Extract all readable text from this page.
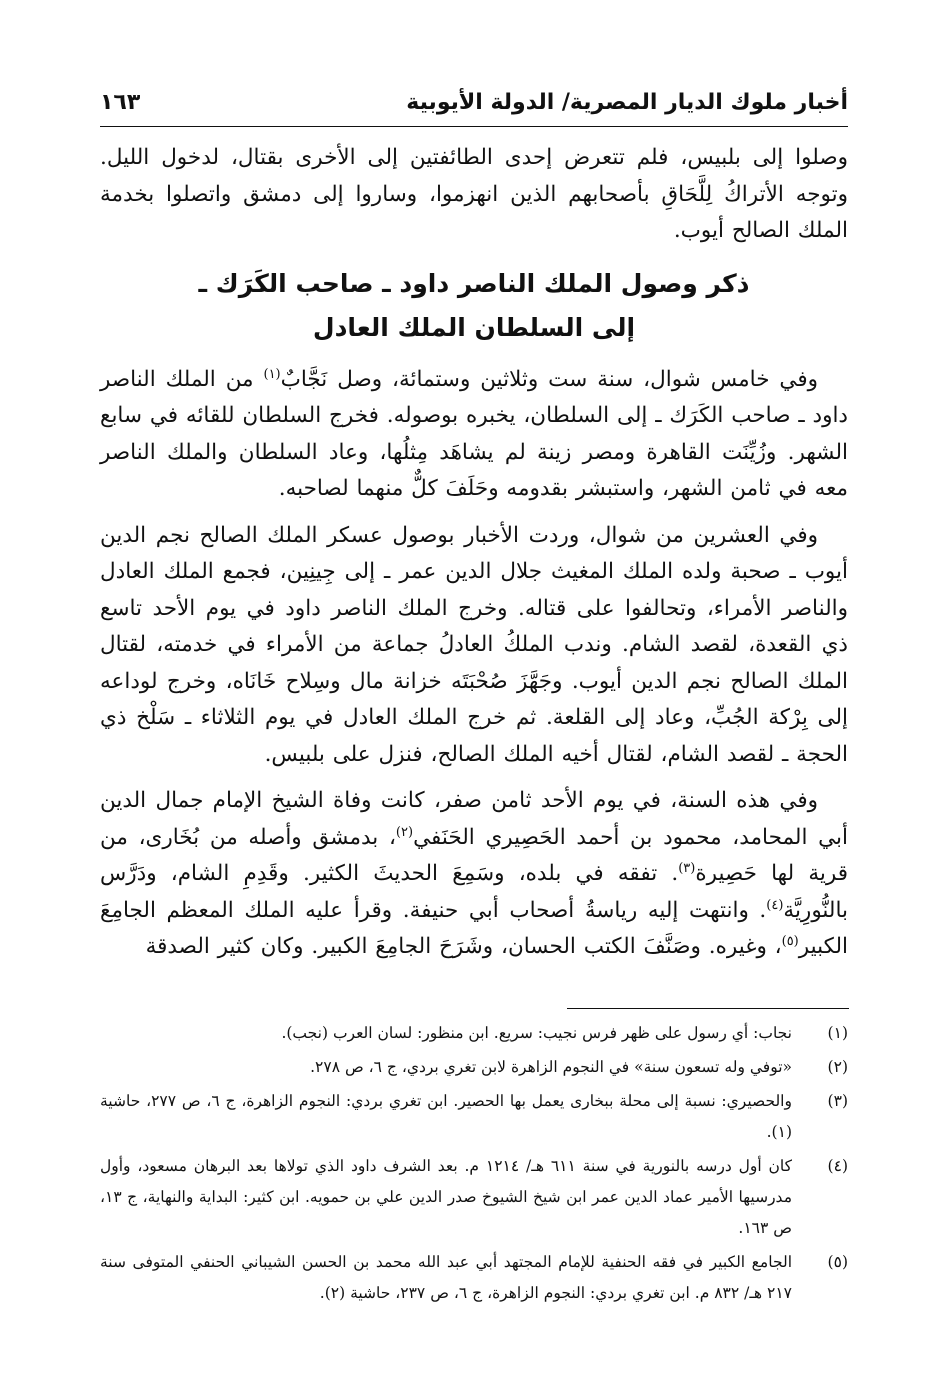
أخبار ملوك الديار المصرية/ الدولة الأيوبية
١٦٣

وصلوا إلى بلبيس، فلم تتعرض إحدى الطائفتين إلى الأخرى بقتال، لدخول الليل. وتوجه الأتراكُ لِلَّحَاقِ بأصحابهم الذين انهزموا، وساروا إلى دمشق واتصلوا بخدمة الملك الصالح أيوب.

ذكر وصول الملك الناصر داود ـ صاحب الكَرَك ـ
إلى السلطان الملك العادل

وفي خامس شوال، سنة ست وثلاثين وستمائة، وصل نَجَّابٌ$^{(١)}$ من الملك الناصر داود ـ صاحب الكَرَك ـ إلى السلطان، يخبره بوصوله. فخرج السلطان للقائه في سابع الشهر. وزُيِّنَت القاهرة ومصر زينة لم يشاهَد مِثلُها، وعاد السلطان والملك الناصر معه في ثامن الشهر، واستبشر بقدومه وحَلَفَ كلٌّ منهما لصاحبه.

وفي العشرين من شوال، وردت الأخبار بوصول عسكر الملك الصالح نجم الدين أيوب ـ صحبة ولده الملك المغيث جلال الدين عمر ـ إلى جِينِين، فجمع الملك العادل والناصر الأمراء، وتحالفوا على قتاله. وخرج الملك الناصر داود في يوم الأحد تاسع ذي القعدة، لقصد الشام. وندب الملكُ العادلُ جماعة من الأمراء في خدمته، لقتال الملك الصالح نجم الدين أيوب. وجَهَّزَ صُحْبَتَه خزانة مال وسِلاح خَانَاه، وخرج لوداعه إلى بِرْكة الجُبِّ، وعاد إلى القلعة. ثم خرج الملك العادل في يوم الثلاثاء ـ سَلْخ ذي الحجة ـ لقصد الشام، لقتال أخيه الملك الصالح، فنزل على بلبيس.

وفي هذه السنة، في يوم الأحد ثامن صفر، كانت وفاة الشيخ الإمام جمال الدين أبي المحامد، محمود بن أحمد الحَصِيري الحَنَفي$^{(٢)}$، بدمشق وأصله من بُخَارى، من قرية لها حَصِيرة$^{(٣)}$. تفقه في بلده، وسَمِعَ الحديثَ الكثير. وقَدِمِ الشام، ودَرَّس بالنُّورِيَّة$^{(٤)}$. وانتهت إليه رياسةُ أصحاب أبي حنيفة. وقرأ عليه الملك المعظم الجامِعَ الكبير$^{(٥)}$، وغيره. وصَنَّفَ الكتب الحسان، وشَرَحَ الجامِعَ الكبير. وكان كثير الصدقة

(١)
نجاب: أي رسول على ظهر فرس نجيب: سريع. ابن منظور: لسان العرب (نجب).
(٢)
«توفي وله تسعون سنة» في النجوم الزاهرة لابن تغري بردي، ج ٦، ص ٢٧٨.
(٣)
والحصيري: نسبة إلى محلة ببخارى يعمل بها الحصير. ابن تغري بردي: النجوم الزاهرة، ج ٦، ص ٢٧٧، حاشية (١).
(٤)
كان أول درسه بالنورية في سنة ٦١١ هـ/ ١٢١٤ م. بعد الشرف داود الذي تولاها بعد البرهان مسعود، وأول مدرسيها الأمير عماد الدين عمر ابن شيخ الشيوخ صدر الدين علي بن حمويه. ابن كثير: البداية والنهاية، ج ١٣، ص ١٦٣.
(٥)
الجامع الكبير في فقه الحنفية للإمام المجتهد أبي عبد الله محمد بن الحسن الشيباني الحنفي المتوفى سنة ٢١٧ هـ/ ٨٣٢ م. ابن تغري بردي: النجوم الزاهرة، ج ٦، ص ٢٣٧، حاشية (٢).
